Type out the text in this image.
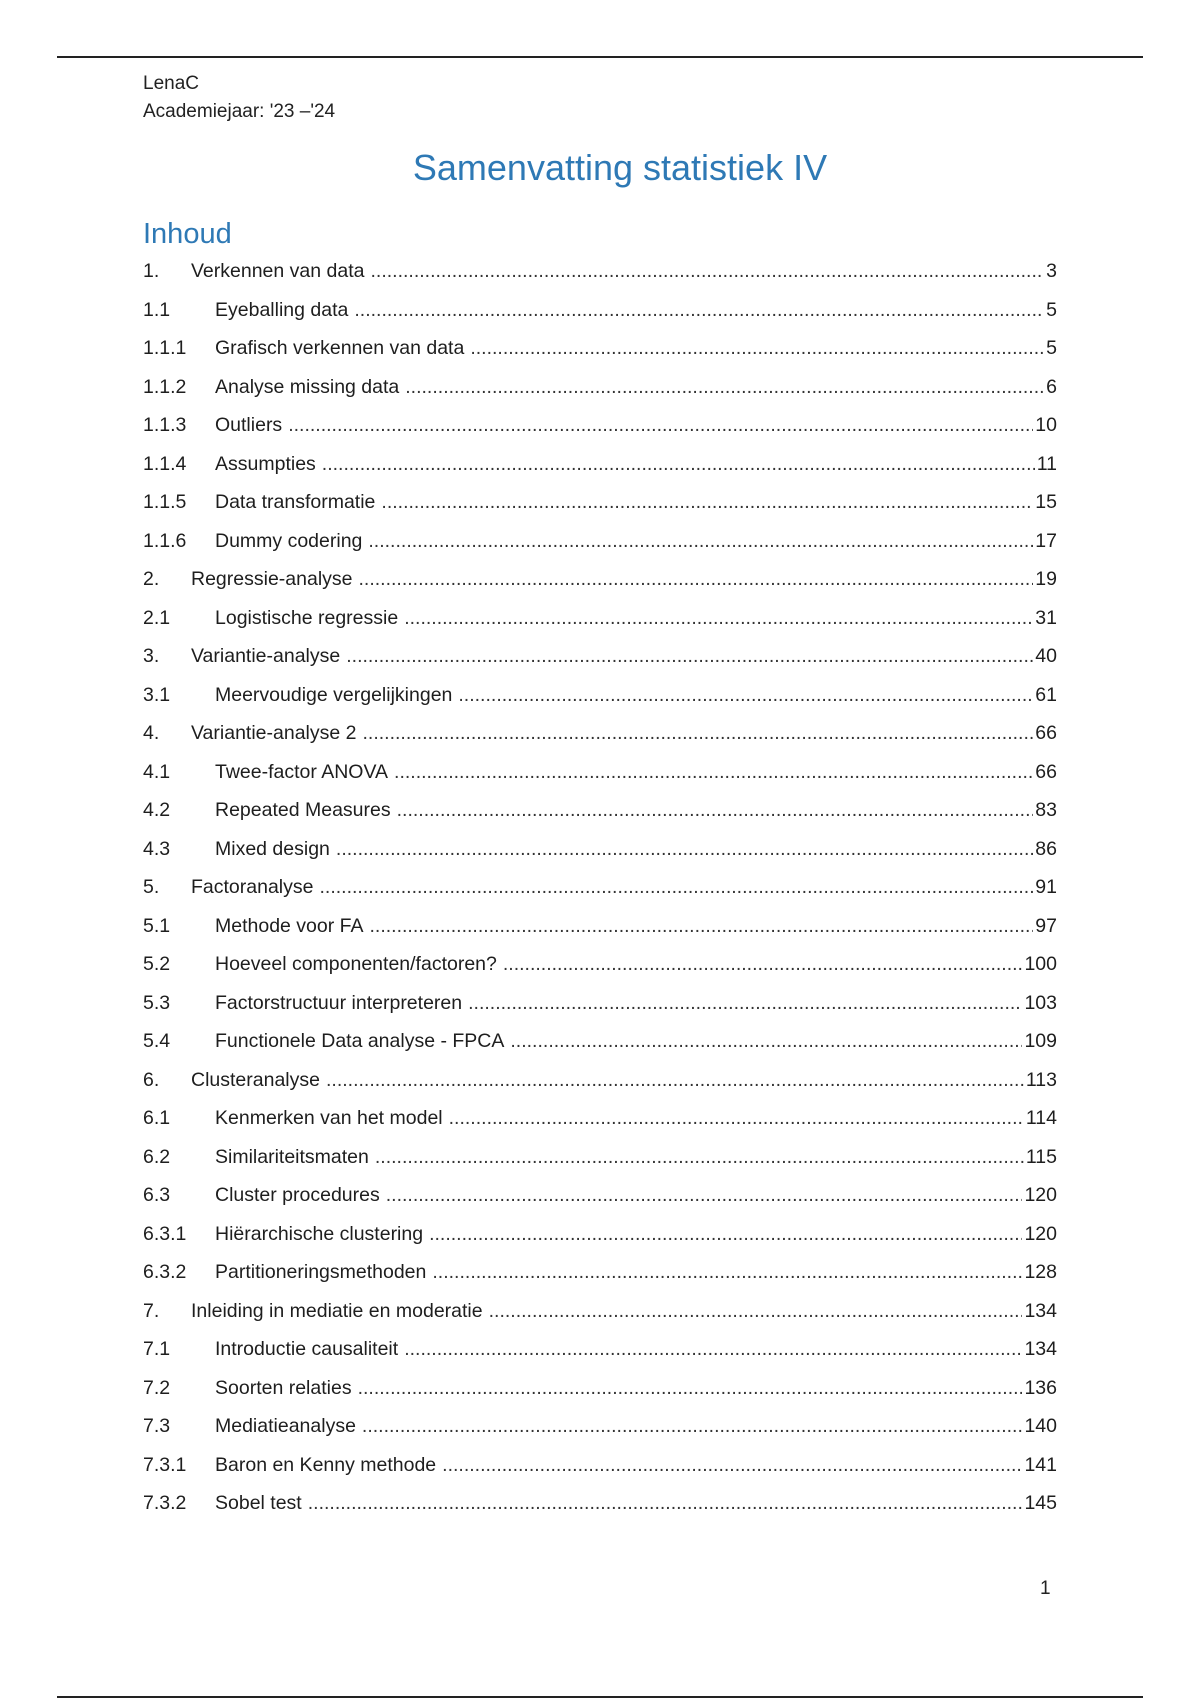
LenaC
Academiejaar: '23 –'24
Samenvatting statistiek IV
Inhoud
1.	Verkennen van data .....	3
1.1	Eyeballing data .....	5
1.1.1	Grafisch verkennen van data .....	5
1.1.2	Analyse missing data .....	6
1.1.3	Outliers .....	10
1.1.4	Assumpties .....	11
1.1.5	Data transformatie .....	15
1.1.6	Dummy codering .....	17
2.	Regressie-analyse .....	19
2.1	Logistische regressie .....	31
3.	Variantie-analyse .....	40
3.1	Meervoudige vergelijkingen .....	61
4.	Variantie-analyse 2 .....	66
4.1	Twee-factor ANOVA .....	66
4.2	Repeated Measures .....	83
4.3	Mixed design .....	86
5.	Factoranalyse .....	91
5.1	Methode voor FA .....	97
5.2	Hoeveel componenten/factoren? .....	100
5.3	Factorstructuur interpreteren .....	103
5.4	Functionele Data analyse - FPCA .....	109
6.	Clusteranalyse .....	113
6.1	Kenmerken van het model .....	114
6.2	Similariteitsmaten .....	115
6.3	Cluster procedures .....	120
6.3.1	Hiërarchische clustering .....	120
6.3.2	Partitioneringsmethoden .....	128
7.	Inleiding in mediatie en moderatie .....	134
7.1	Introductie causaliteit .....	134
7.2	Soorten relaties .....	136
7.3	Mediatieanalyse .....	140
7.3.1	Baron en Kenny methode .....	141
7.3.2	Sobel test .....	145
1
